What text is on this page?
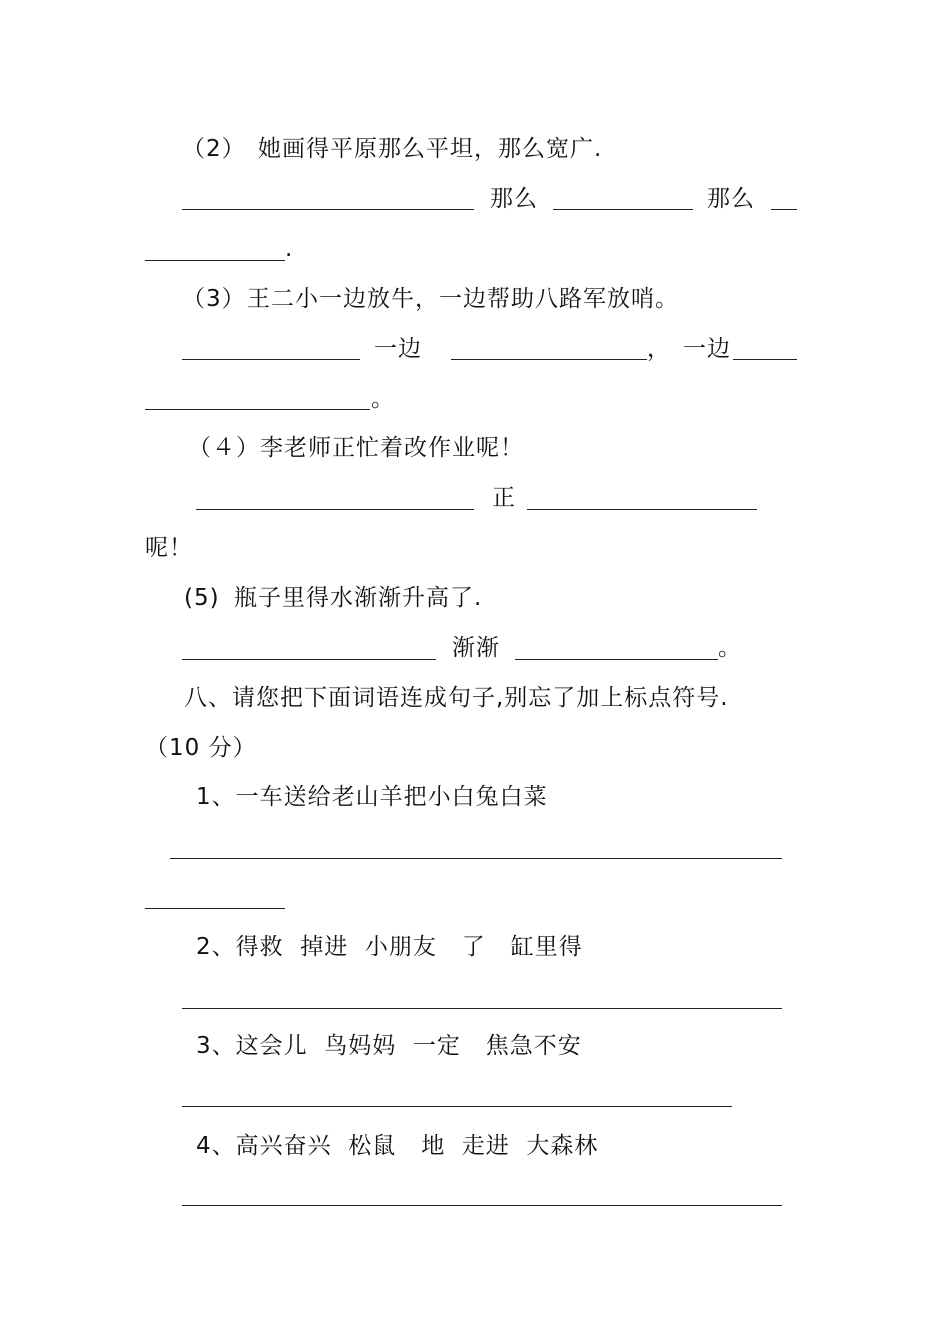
（2） 她画得平原那么平坦，那么宽广.
那么	那么
.
（3） 王二小一边放牛，一边帮助八路军放哨。
一边	， 一边
。
（４） 李老师正忙着改作业呢！
正
呢！
(5) 瓶子里得水渐渐升高了.
渐渐	。
八、请您把下面词语连成句子,别忘了加上标点符号.
（10 分）
1、一车送给老山羊把小白兔白菜
2、得救  掉进  小朋友   了   缸里得
3、这会儿  鸟妈妈  一定   焦急不安
4、高兴奋兴  松鼠   地  走进  大森林
